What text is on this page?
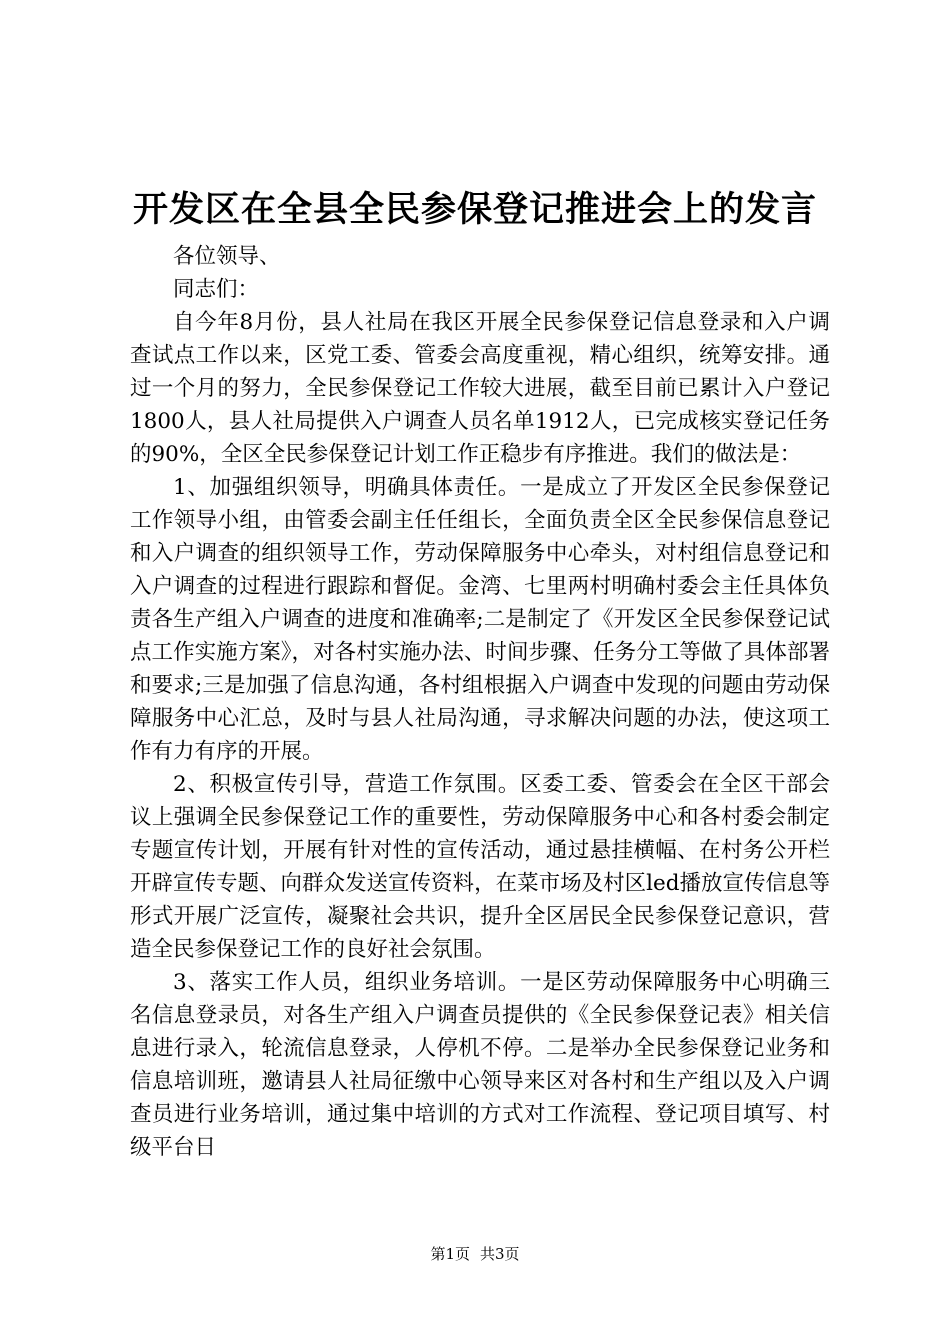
开发区在全县全民参保登记推进会上的发言

各位领导、

同志们：

自今年8月份，县人社局在我区开展全民参保登记信息登录和入户调查试点工作以来，区党工委、管委会高度重视，精心组织，统筹安排。通过一个月的努力，全民参保登记工作较大进展，截至目前已累计入户登记1800人，县人社局提供入户调查人员名单1912人，已完成核实登记任务的90%，全区全民参保登记计划工作正稳步有序推进。我们的做法是：

1、加强组织领导，明确具体责任。一是成立了开发区全民参保登记工作领导小组，由管委会副主任任组长，全面负责全区全民参保信息登记和入户调查的组织领导工作，劳动保障服务中心牵头，对村组信息登记和入户调查的过程进行跟踪和督促。金湾、七里两村明确村委会主任具体负责各生产组入户调查的进度和准确率;二是制定了《开发区全民参保登记试点工作实施方案》，对各村实施办法、时间步骤、任务分工等做了具体部署和要求;三是加强了信息沟通，各村组根据入户调查中发现的问题由劳动保障服务中心汇总，及时与县人社局沟通，寻求解决问题的办法，使这项工作有力有序的开展。

2、积极宣传引导，营造工作氛围。区委工委、管委会在全区干部会议上强调全民参保登记工作的重要性，劳动保障服务中心和各村委会制定专题宣传计划，开展有针对性的宣传活动，通过悬挂横幅、在村务公开栏开辟宣传专题、向群众发送宣传资料，在菜市场及村区led播放宣传信息等形式开展广泛宣传，凝聚社会共识，提升全区居民全民参保登记意识，营造全民参保登记工作的良好社会氛围。

3、落实工作人员，组织业务培训。一是区劳动保障服务中心明确三名信息登录员，对各生产组入户调查员提供的《全民参保登记表》相关信息进行录入，轮流信息登录，人停机不停。二是举办全民参保登记业务和信息培训班，邀请县人社局征缴中心领导来区对各村和生产组以及入户调查员进行业务培训，通过集中培训的方式对工作流程、登记项目填写、村级平台日

第1页 共3页
